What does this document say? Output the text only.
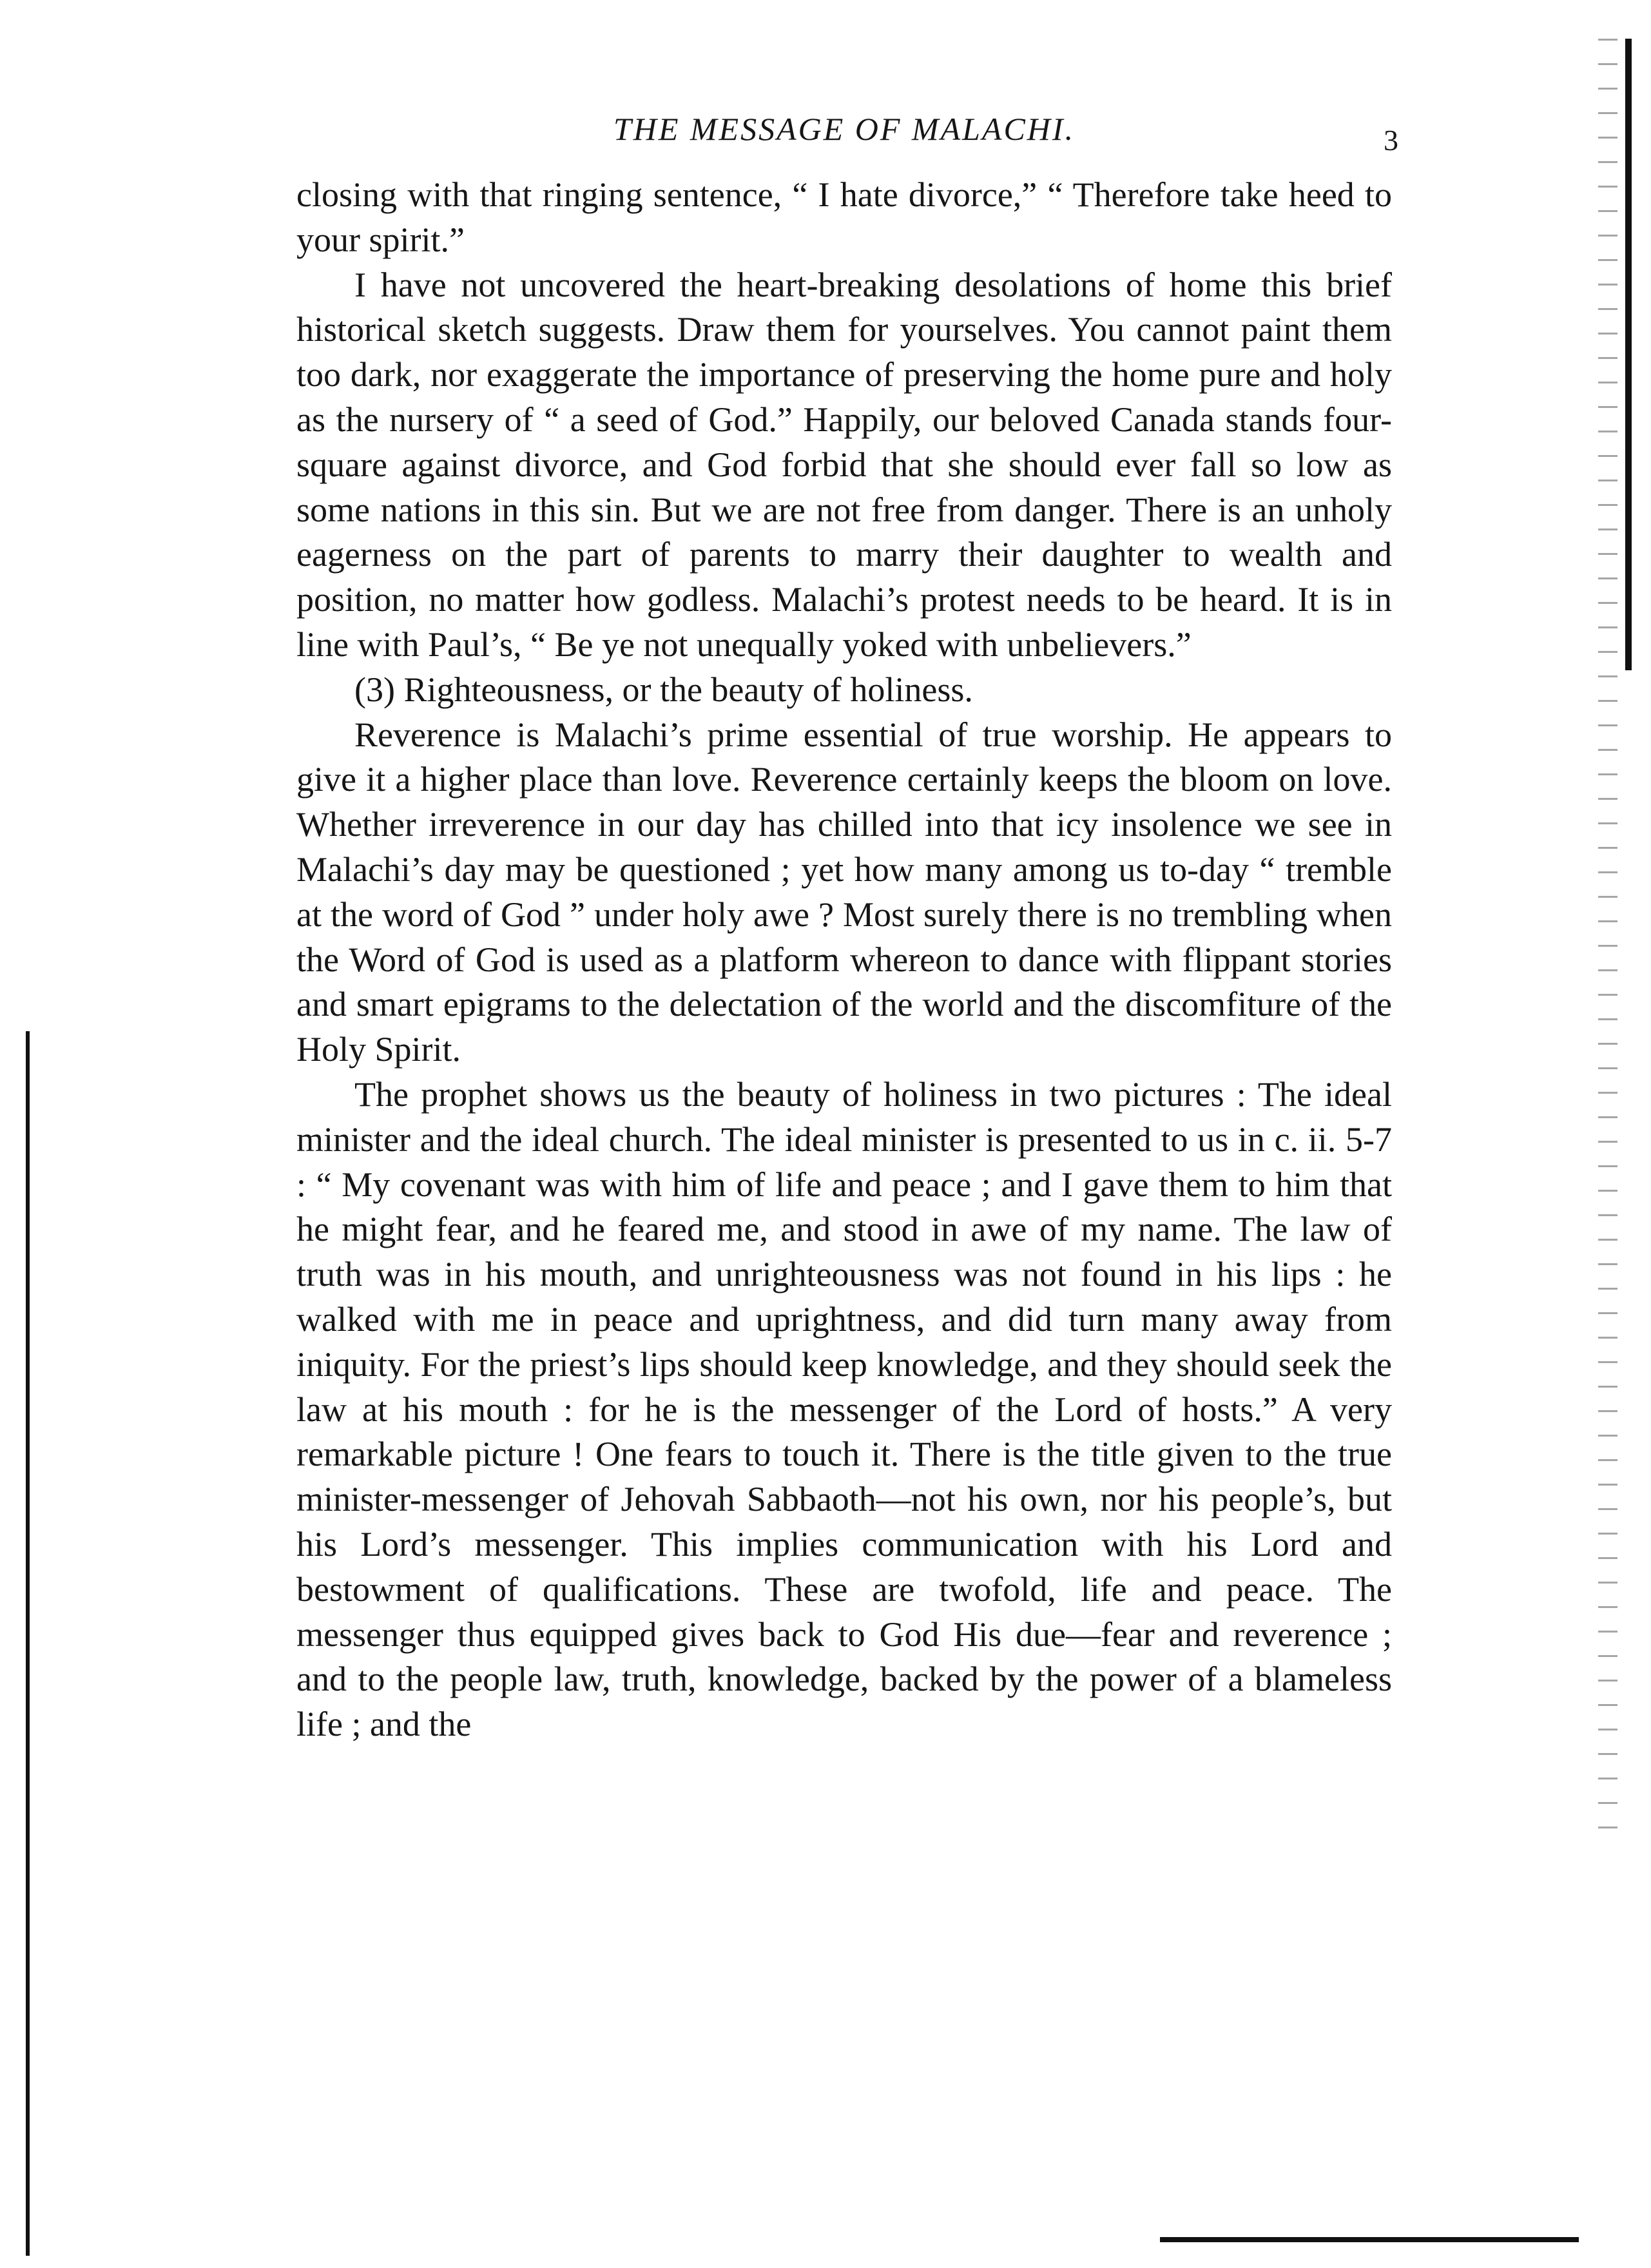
THE MESSAGE OF MALACHI.	3

closing with that ringing sentence, “ I hate divorce,” “ Therefore take heed to your spirit.”

I have not uncovered the heart-breaking desolations of home this brief historical sketch suggests. Draw them for yourselves. You cannot paint them too dark, nor exaggerate the importance of preserving the home pure and holy as the nursery of “ a seed of God.” Happily, our beloved Canada stands four-square against divorce, and God forbid that she should ever fall so low as some nations in this sin. But we are not free from danger. There is an unholy eagerness on the part of parents to marry their daughter to wealth and position, no matter how godless. Malachi’s protest needs to be heard. It is in line with Paul’s, “ Be ye not unequally yoked with unbelievers.”

(3) Righteousness, or the beauty of holiness.

Reverence is Malachi’s prime essential of true worship. He appears to give it a higher place than love. Reverence certainly keeps the bloom on love. Whether irreverence in our day has chilled into that icy insolence we see in Malachi’s day may be questioned ; yet how many among us to-day “ tremble at the word of God ” under holy awe ? Most surely there is no trembling when the Word of God is used as a platform whereon to dance with flippant stories and smart epigrams to the delectation of the world and the discomfiture of the Holy Spirit.

The prophet shows us the beauty of holiness in two pictures : The ideal minister and the ideal church. The ideal minister is presented to us in c. ii. 5-7 : “ My covenant was with him of life and peace ; and I gave them to him that he might fear, and he feared me, and stood in awe of my name. The law of truth was in his mouth, and unrighteousness was not found in his lips : he walked with me in peace and uprightness, and did turn many away from iniquity. For the priest’s lips should keep knowledge, and they should seek the law at his mouth : for he is the messenger of the Lord of hosts.” A very remarkable picture ! One fears to touch it. There is the title given to the true minister-messenger of Jehovah Sabbaoth—not his own, nor his people’s, but his Lord’s messenger. This implies communication with his Lord and bestowment of qualifications. These are twofold, life and peace. The messenger thus equipped gives back to God His due—fear and reverence ; and to the people law, truth, knowledge, backed by the power of a blameless life ; and the
